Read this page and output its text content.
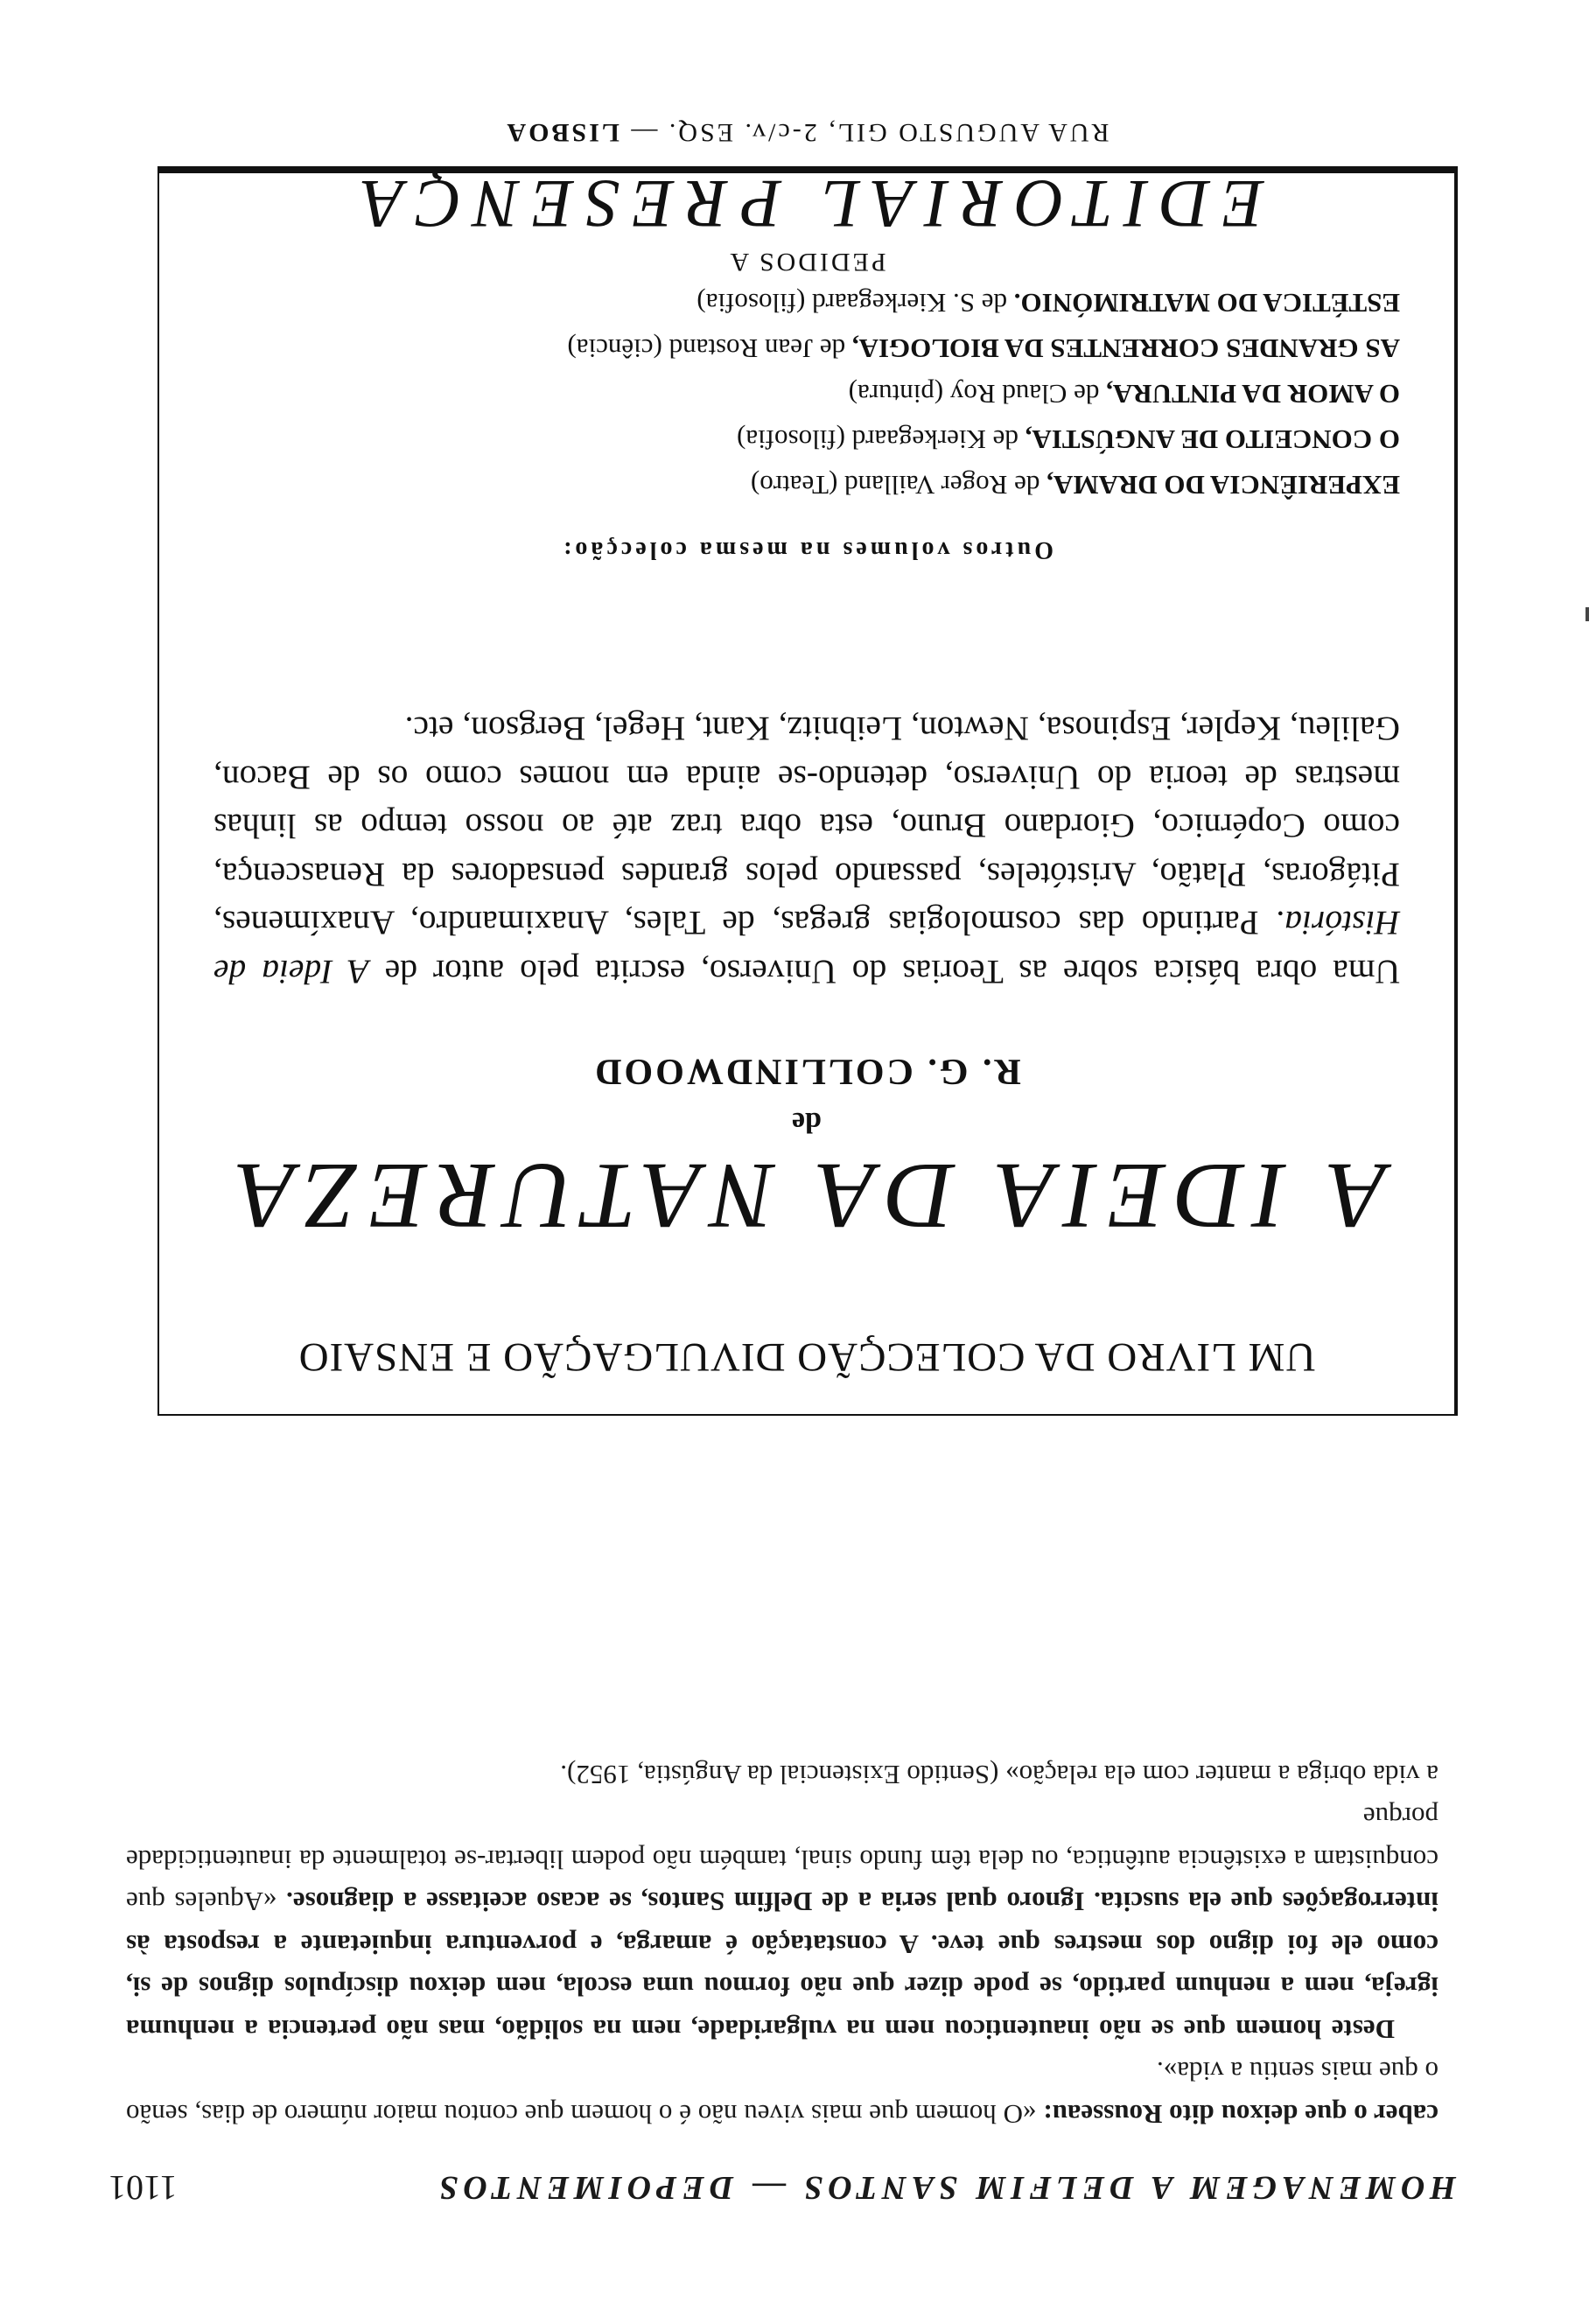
HOMENAGEM A DELFIM SANTOS — DEPOIMENTOS
1101

caber o que deixou dito Rousseau: «O homem que mais viveu não é o homem que contou maior número de dias, senão o que mais sentiu a vida».

Deste homem que se não inautenticou nem na vulgaridade, nem na solidão, mas não pertencia a nenhuma igreja, nem a nenhum partido, se pode dizer que não formou uma escola, nem deixou discípulos dignos de si, como ele foi digno dos mestres que teve. A constatação é amarga, e porventura inquietante a resposta às interrogações que ela suscita. Ignoro qual seria a de Delfim Santos, se acaso aceitasse a diagnose. «Aqueles que conquistam a existência autêntica, ou dela têm fundo sinal, também não podem libertar-se totalmente da inautenticidade porque

a vida obriga a manter com ela relação» (Sentido Existencial da Angústia, 1952).

UM LIVRO DA COLECÇÃO DIVULGAÇÃO E ENSAIO
A IDEIA DA NATUREZA
de
R. G. COLLINDWOOD
Uma obra básica sobre as Teorias do Universo, escrita pelo autor de A Ideia de História. Partindo das cosmologias gregas, de Tales, Anaximandro, Anaxímenes, Pitágoras, Platão, Aristóteles, passando pelos grandes pensadores da Renascença, como Copérnico, Giordano Bruno, esta obra traz até ao nosso tempo as linhas mestras de teoria do Universo, detendo-se ainda em nomes como os de Bacon, Galileu, Kepler, Espinosa, Newton, Leibnitz, Kant, Hegel, Bergson, etc.
Outros volumes na mesma colecção:
EXPERIÊNCIA DO DRAMA, de Roger Vailland (Teatro)
O CONCEITO DE ANGÚSTIA, de Kierkegaard (filosofia)
O AMOR DA PINTURA, de Claud Roy (pintura)
AS GRANDES CORRENTES DA BIOLOGIA, de Jean Rostand (ciência)
ESTÉTICA DO MATRIMÓNIO. de S. Kierkegaard (filosofia)
PEDIDOS A
EDITORIAL PRESENÇA
RUA AUGUSTO GIL, 2-c/v. ESQ. — LISBOA
